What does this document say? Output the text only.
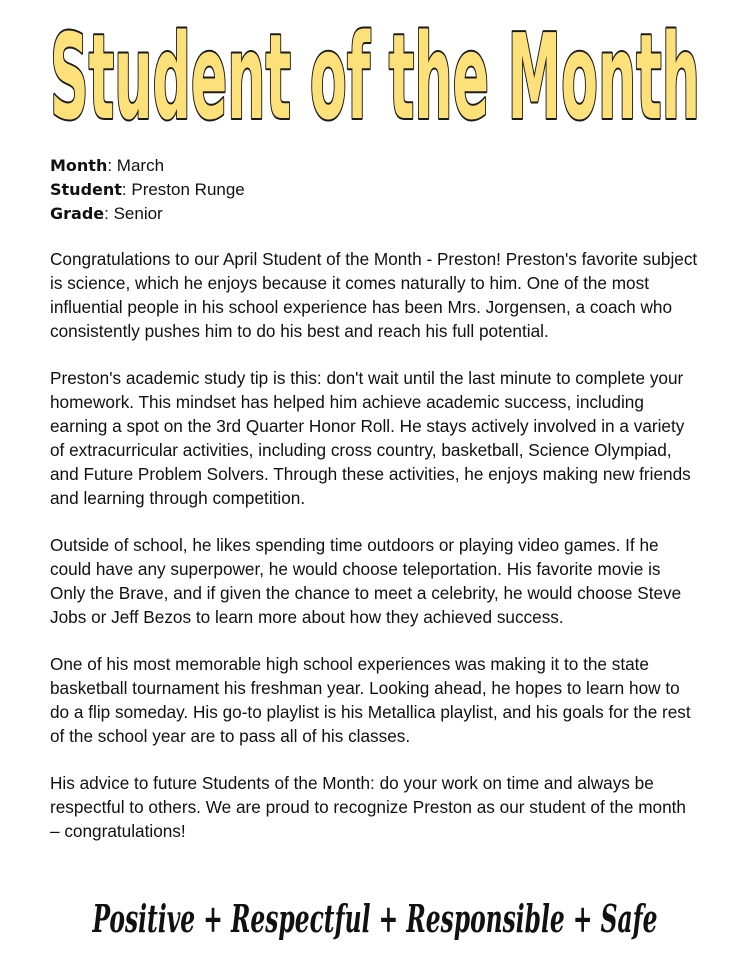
Student of the Month
Month: March
Student: Preston Runge
Grade: Senior

Congratulations to our April Student of the Month - Preston! Preston's favorite subject is science, which he enjoys because it comes naturally to him. One of the most influential people in his school experience has been Mrs. Jorgensen, a coach who consistently pushes him to do his best and reach his full potential.

Preston's academic study tip is this: don't wait until the last minute to complete your homework. This mindset has helped him achieve academic success, including earning a spot on the 3rd Quarter Honor Roll. He stays actively involved in a variety of extracurricular activities, including cross country, basketball, Science Olympiad, and Future Problem Solvers. Through these activities, he enjoys making new friends and learning through competition.

Outside of school, he likes spending time outdoors or playing video games. If he could have any superpower, he would choose teleportation. His favorite movie is Only the Brave, and if given the chance to meet a celebrity, he would choose Steve Jobs or Jeff Bezos to learn more about how they achieved success.

One of his most memorable high school experiences was making it to the state basketball tournament his freshman year. Looking ahead, he hopes to learn how to do a flip someday. His go-to playlist is his Metallica playlist, and his goals for the rest of the school year are to pass all of his classes.

His advice to future Students of the Month: do your work on time and always be respectful to others. We are proud to recognize Preston as our student of the month – congratulations!

Positive + Respectful + Responsible + Safe
